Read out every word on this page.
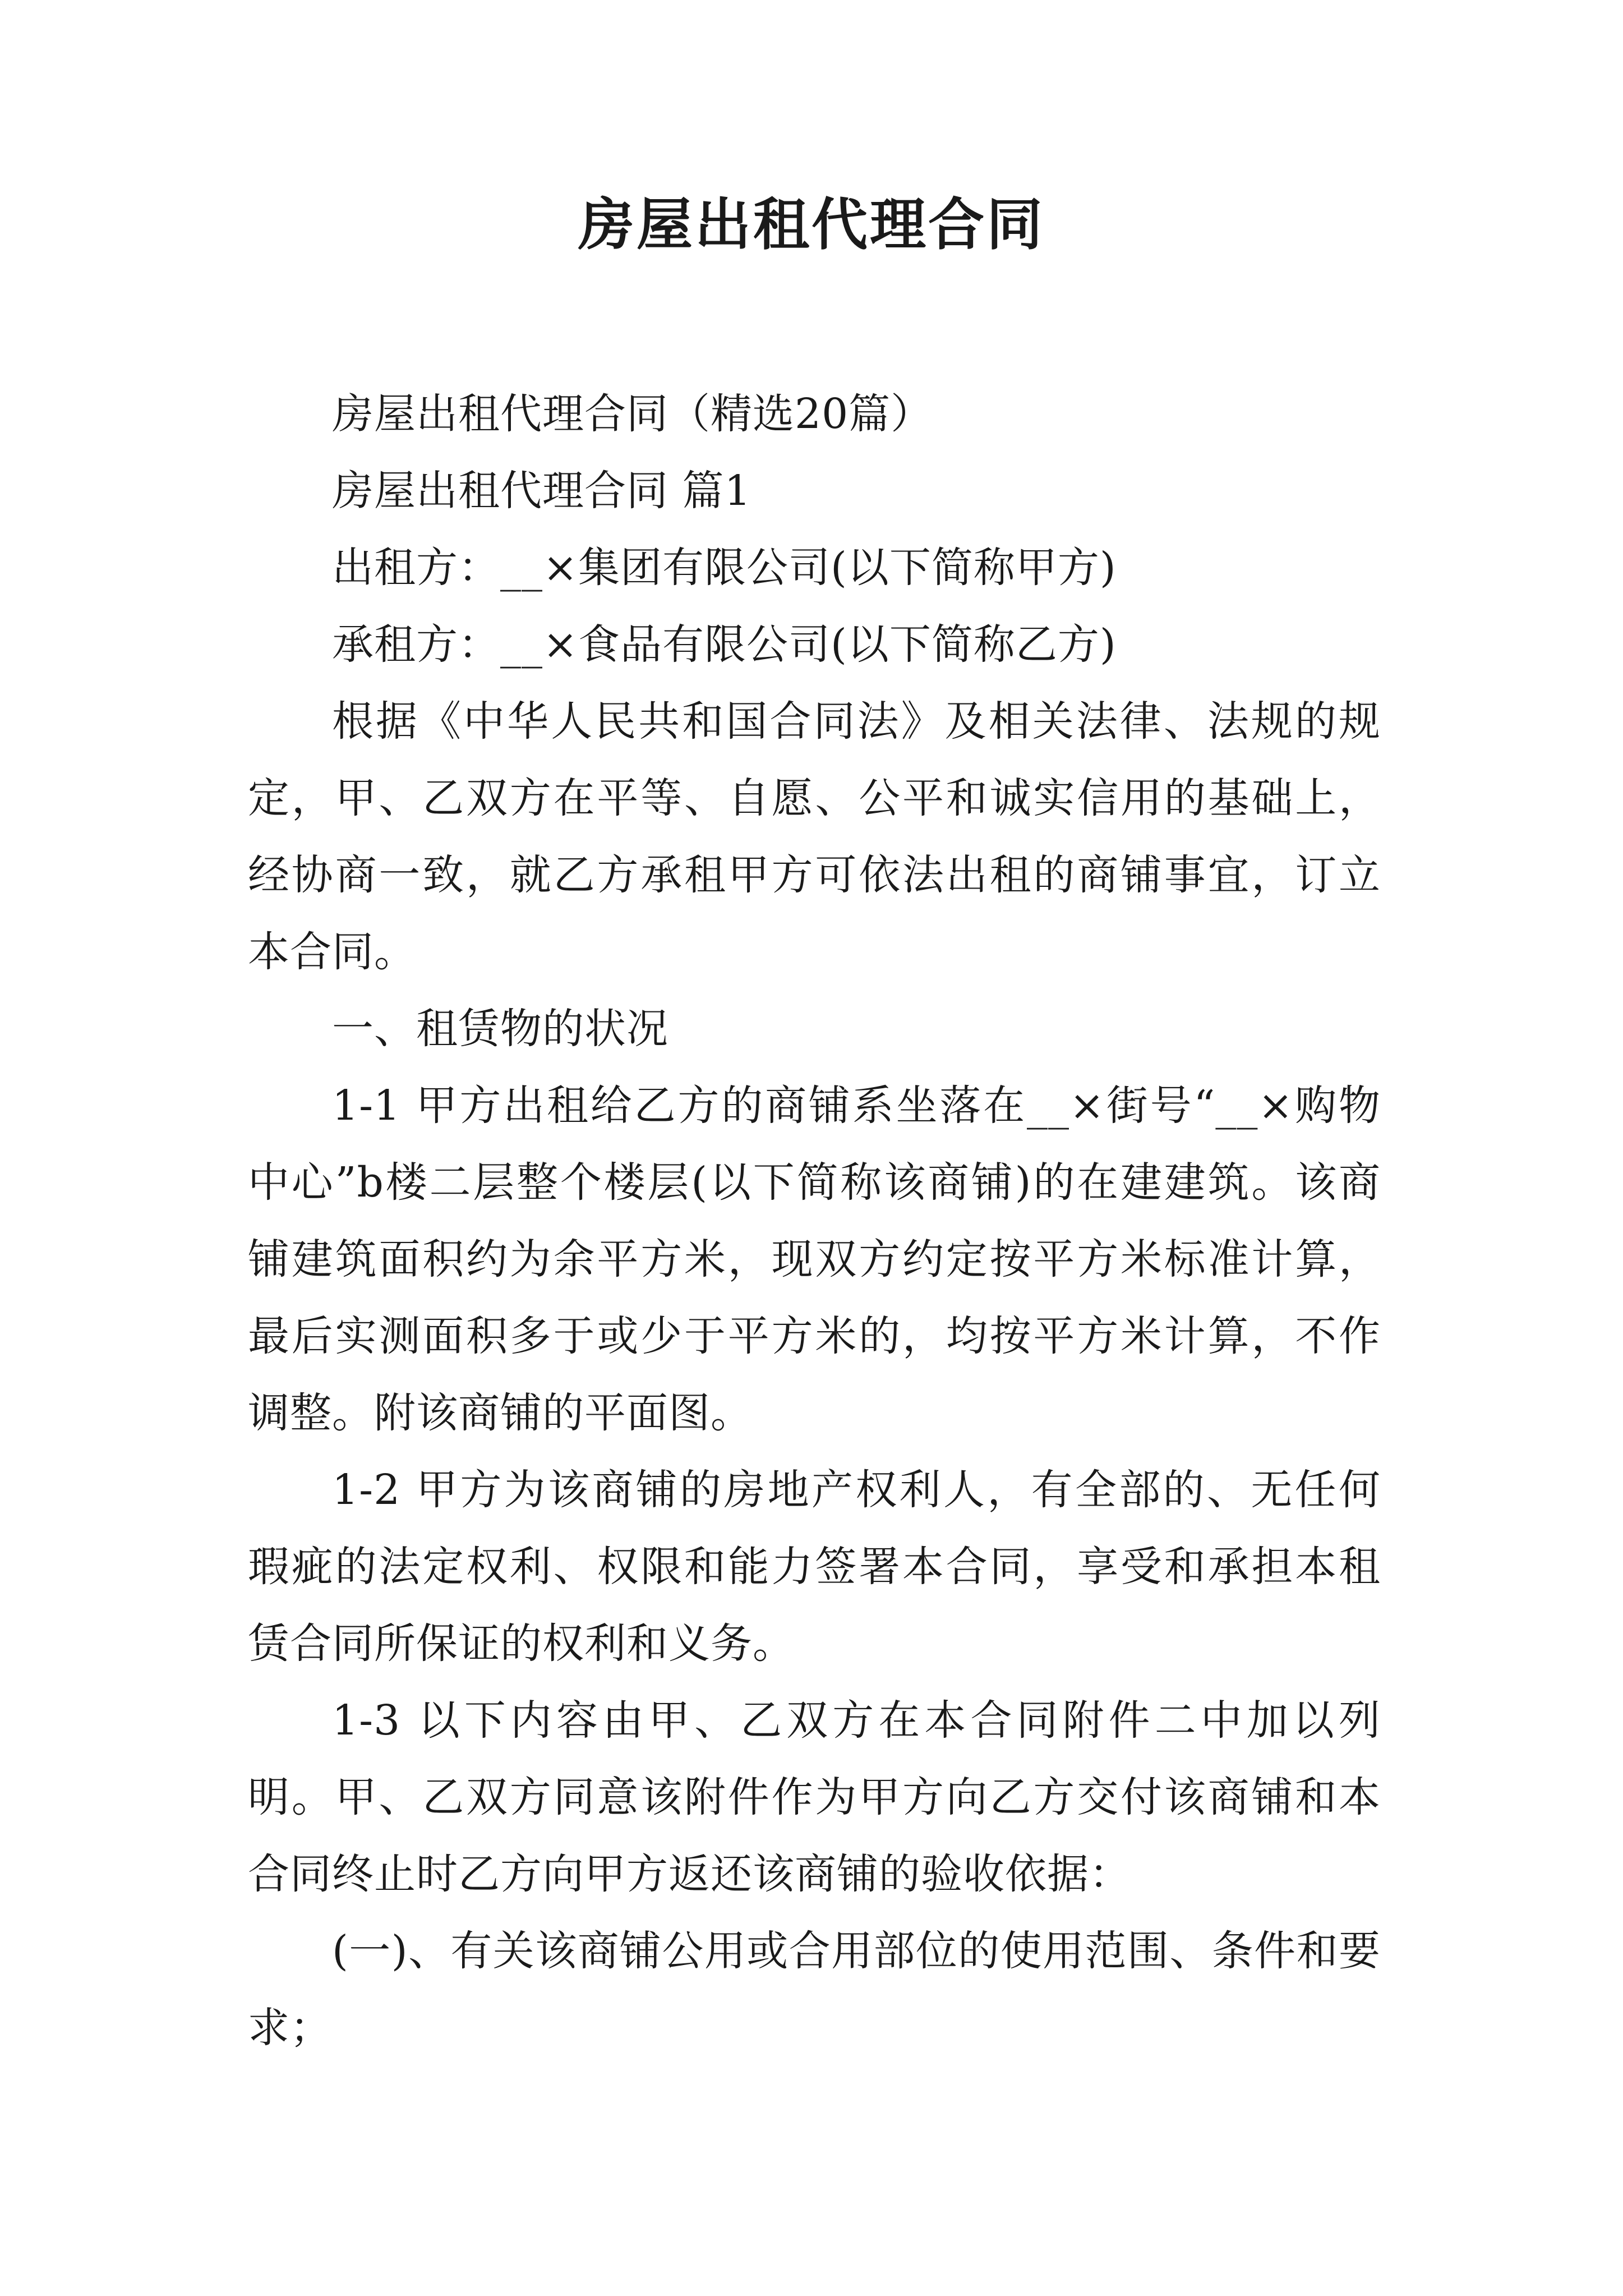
房屋出租代理合同

房屋出租代理合同（精选20篇）

房屋出租代理合同 篇1

出租方：__×集团有限公司(以下简称甲方)

承租方：__×食品有限公司(以下简称乙方)

根据《中华人民共和国合同法》及相关法律、法规的规定，甲、乙双方在平等、自愿、公平和诚实信用的基础上，经协商一致，就乙方承租甲方可依法出租的商铺事宜，订立本合同。

一、租赁物的状况

1-1 甲方出租给乙方的商铺系坐落在__×街号“__×购物中心”b楼二层整个楼层(以下简称该商铺)的在建建筑。该商铺建筑面积约为余平方米，现双方约定按平方米标准计算，最后实测面积多于或少于平方米的，均按平方米计算，不作调整。附该商铺的平面图。

1-2 甲方为该商铺的房地产权利人，有全部的、无任何瑕疵的法定权利、权限和能力签署本合同，享受和承担本租赁合同所保证的权利和义务。

1-3 以下内容由甲、乙双方在本合同附件二中加以列明。甲、乙双方同意该附件作为甲方向乙方交付该商铺和本合同终止时乙方向甲方返还该商铺的验收依据：

(一)、有关该商铺公用或合用部位的使用范围、条件和要求；
